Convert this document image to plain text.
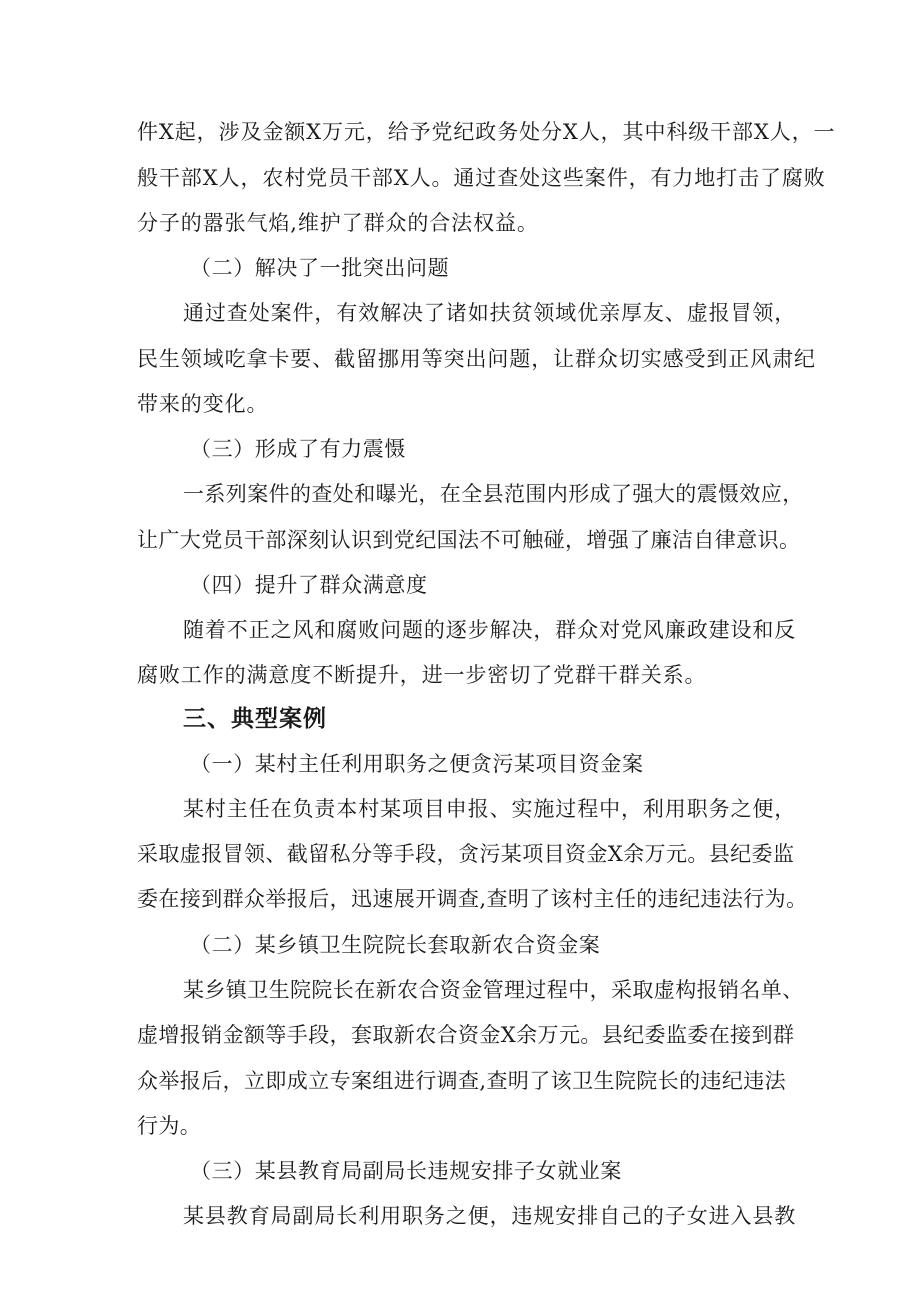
件X起，涉及金额X万元，给予党纪政务处分X人，其中科级干部X人，一
般干部X人，农村党员干部X人。通过查处这些案件，有力地打击了腐败
分子的嚣张气焰,维护了群众的合法权益。
（二）解决了一批突出问题
通过查处案件，有效解决了诸如扶贫领域优亲厚友、虚报冒领，
民生领域吃拿卡要、截留挪用等突出问题，让群众切实感受到正风肃纪
带来的变化。
（三）形成了有力震慑
一系列案件的查处和曝光，在全县范围内形成了强大的震慑效应，
让广大党员干部深刻认识到党纪国法不可触碰，增强了廉洁自律意识。
（四）提升了群众满意度
随着不正之风和腐败问题的逐步解决，群众对党风廉政建设和反
腐败工作的满意度不断提升，进一步密切了党群干群关系。
三、典型案例
（一）某村主任利用职务之便贪污某项目资金案
某村主任在负责本村某项目申报、实施过程中，利用职务之便，
采取虚报冒领、截留私分等手段，贪污某项目资金X余万元。县纪委监
委在接到群众举报后，迅速展开调查,查明了该村主任的违纪违法行为。
（二）某乡镇卫生院院长套取新农合资金案
某乡镇卫生院院长在新农合资金管理过程中，采取虚构报销名单、
虚增报销金额等手段，套取新农合资金X余万元。县纪委监委在接到群
众举报后，立即成立专案组进行调查,查明了该卫生院院长的违纪违法
行为。
（三）某县教育局副局长违规安排子女就业案
某县教育局副局长利用职务之便，违规安排自己的子女进入县教
